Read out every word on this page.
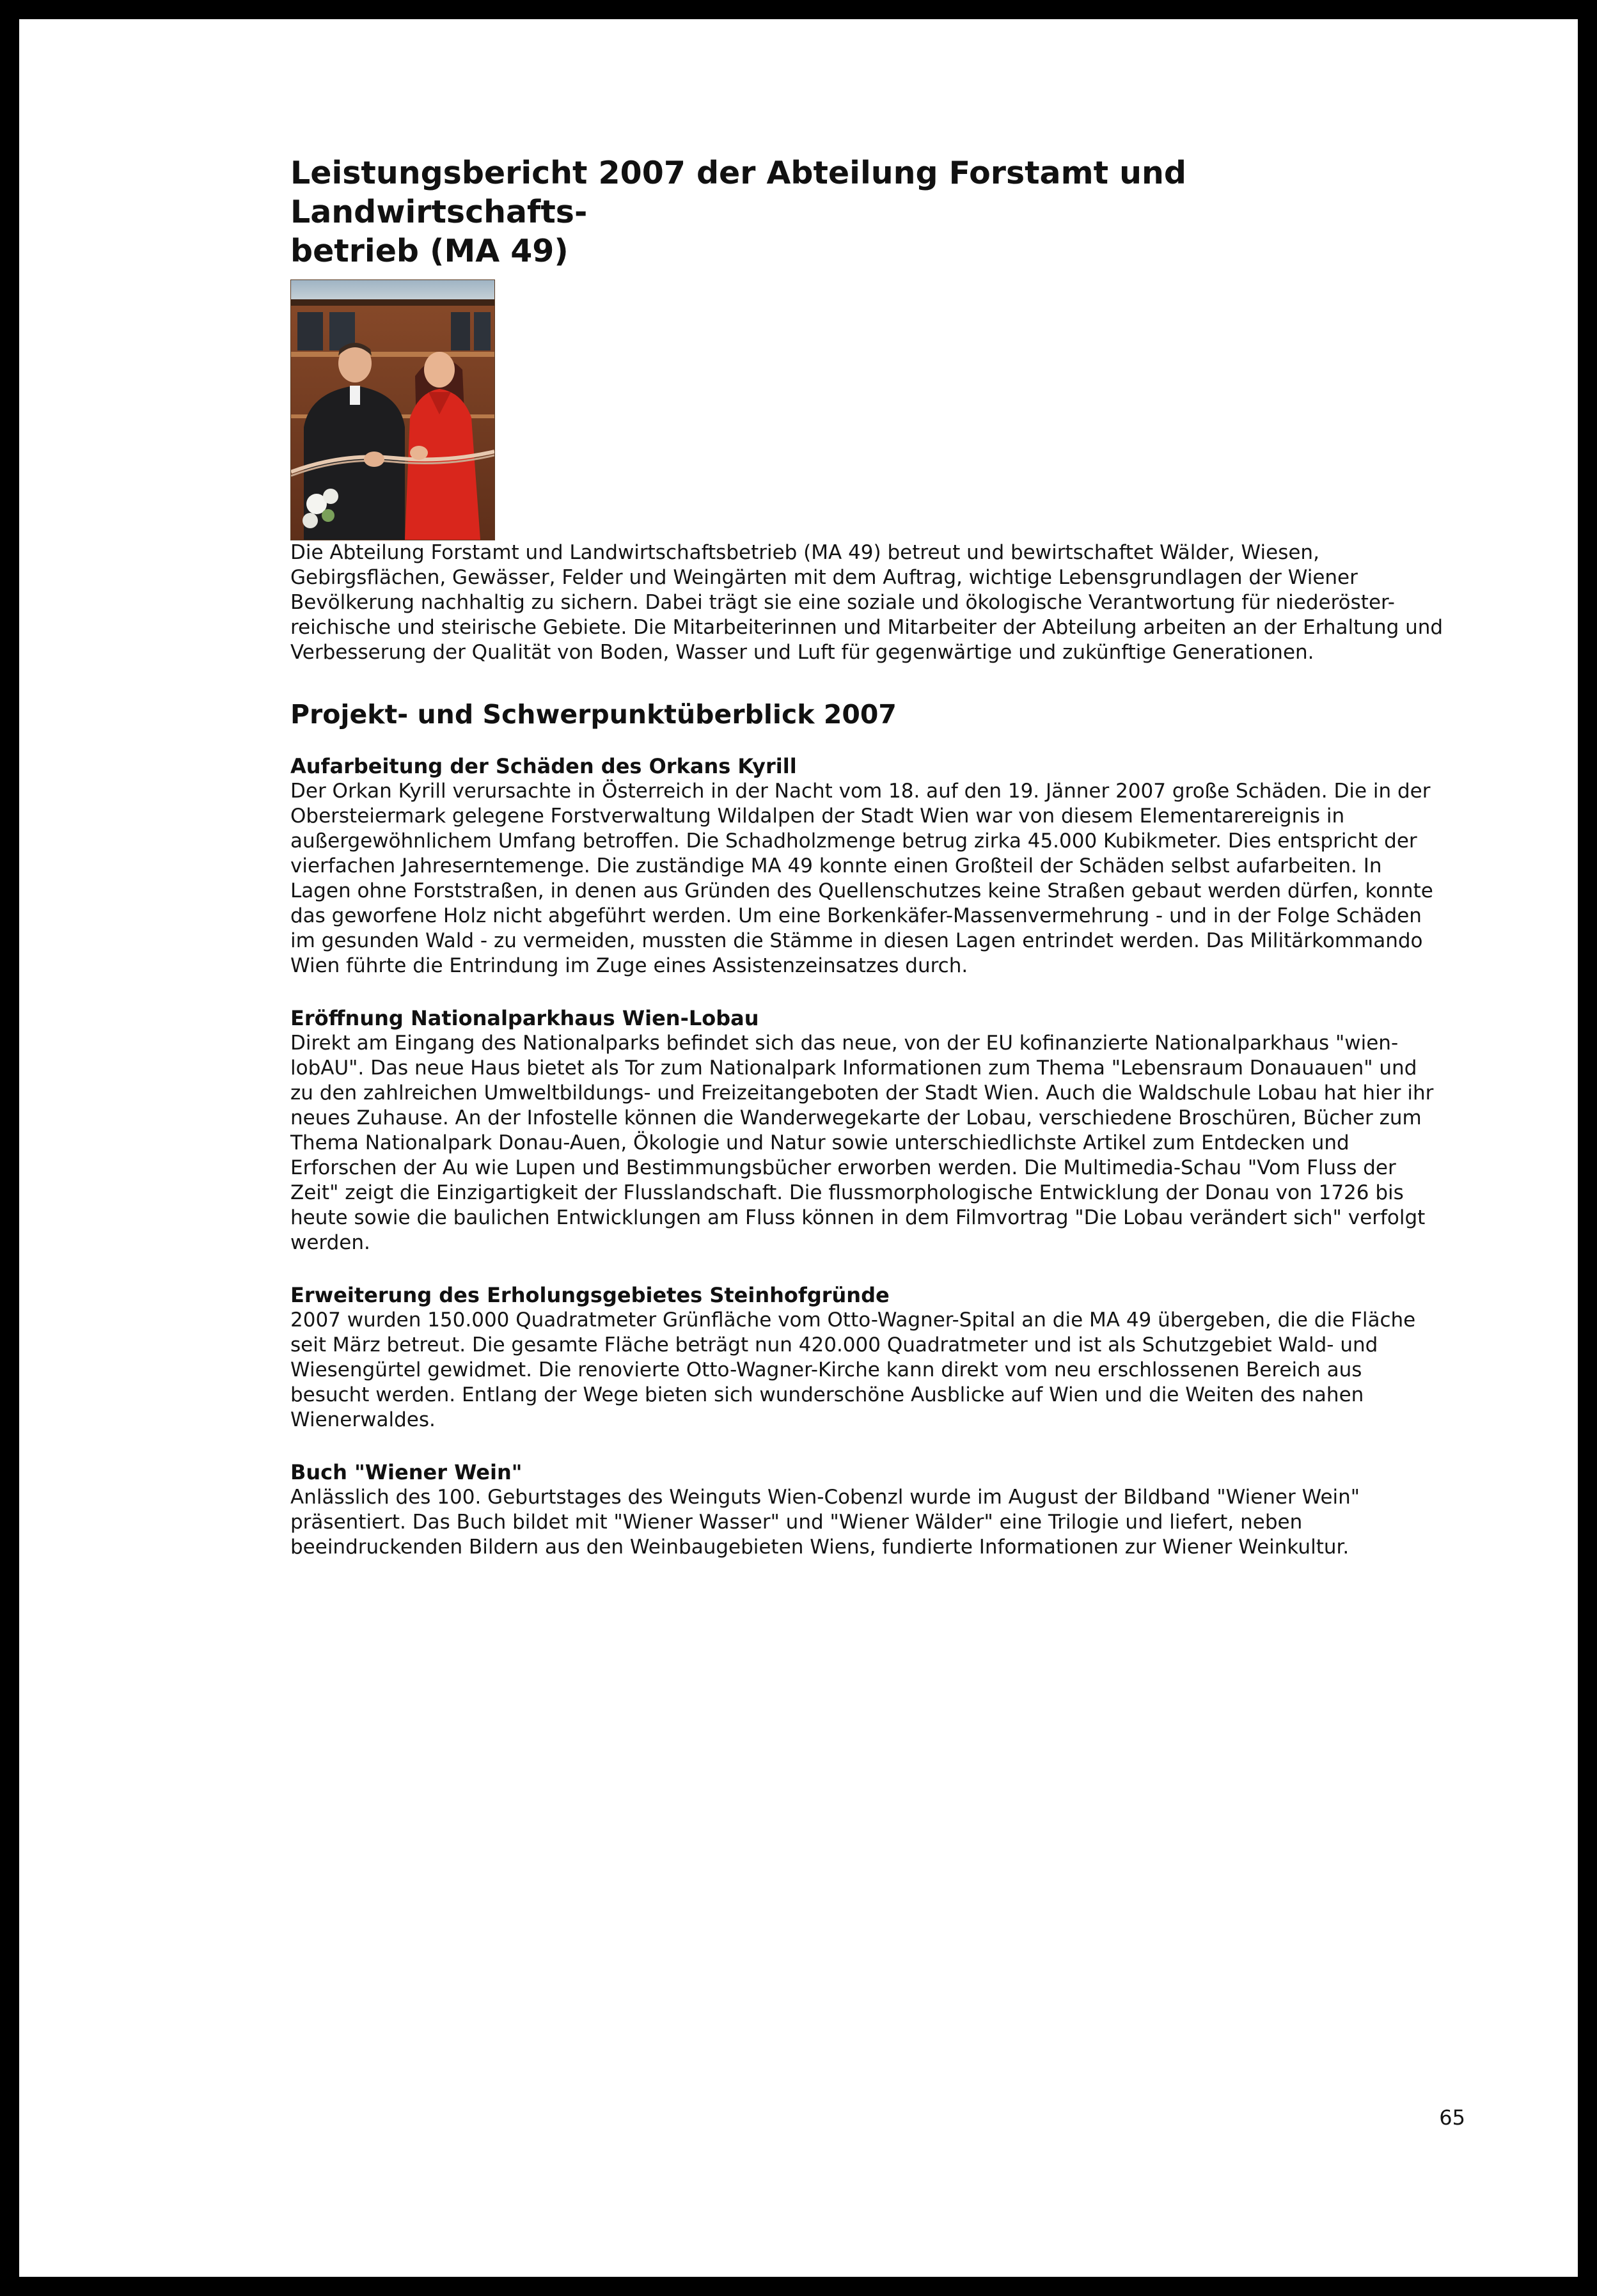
Leistungsbericht 2007 der Abteilung Forstamt und Landwirtschafts-
betrieb (MA 49)

Die Abteilung Forstamt und Landwirtschaftsbetrieb (MA 49) betreut und bewirtschaftet Wälder, Wiesen,
Gebirgsflächen, Gewässer, Felder und Weingärten mit dem Auftrag, wichtige Lebensgrundlagen der Wiener
Bevölkerung nachhaltig zu sichern. Dabei trägt sie eine soziale und ökologische Verantwortung für niederöster-
reichische und steirische Gebiete. Die Mitarbeiterinnen und Mitarbeiter der Abteilung arbeiten an der Erhaltung und
Verbesserung der Qualität von Boden, Wasser und Luft für gegenwärtige und zukünftige Generationen.

Projekt- und Schwerpunktüberblick 2007
Aufarbeitung der Schäden des Orkans Kyrill

Der Orkan Kyrill verursachte in Österreich in der Nacht vom 18. auf den 19. Jänner 2007 große Schäden. Die in der
Obersteiermark gelegene Forstverwaltung Wildalpen der Stadt Wien war von diesem Elementarereignis in
außergewöhnlichem Umfang betroffen. Die Schadholzmenge betrug zirka 45.000 Kubikmeter. Dies entspricht der
vierfachen Jahreserntemenge. Die zuständige MA 49 konnte einen Großteil der Schäden selbst aufarbeiten. In
Lagen ohne Forststraßen, in denen aus Gründen des Quellenschutzes keine Straßen gebaut werden dürfen, konnte
das geworfene Holz nicht abgeführt werden. Um eine Borkenkäfer-Massenvermehrung - und in der Folge Schäden
im gesunden Wald - zu vermeiden, mussten die Stämme in diesen Lagen entrindet werden. Das Militärkommando
Wien führte die Entrindung im Zuge eines Assistenzeinsatzes durch.

Eröffnung Nationalparkhaus Wien-Lobau

Direkt am Eingang des Nationalparks befindet sich das neue, von der EU kofinanzierte Nationalparkhaus "wien-
lobAU". Das neue Haus bietet als Tor zum Nationalpark Informationen zum Thema "Lebensraum Donauauen" und
zu den zahlreichen Umweltbildungs- und Freizeitangeboten der Stadt Wien. Auch die Waldschule Lobau hat hier ihr
neues Zuhause. An der Infostelle können die Wanderwegekarte der Lobau, verschiedene Broschüren, Bücher zum
Thema Nationalpark Donau-Auen, Ökologie und Natur sowie unterschiedlichste Artikel zum Entdecken und
Erforschen der Au wie Lupen und Bestimmungsbücher erworben werden. Die Multimedia-Schau "Vom Fluss der
Zeit" zeigt die Einzigartigkeit der Flusslandschaft. Die flussmorphologische Entwicklung der Donau von 1726 bis
heute sowie die baulichen Entwicklungen am Fluss können in dem Filmvortrag "Die Lobau verändert sich" verfolgt
werden.

Erweiterung des Erholungsgebietes Steinhofgründe

2007 wurden 150.000 Quadratmeter Grünfläche vom Otto-Wagner-Spital an die MA 49 übergeben, die die Fläche
seit März betreut. Die gesamte Fläche beträgt nun 420.000 Quadratmeter und ist als Schutzgebiet Wald- und
Wiesengürtel gewidmet. Die renovierte Otto-Wagner-Kirche kann direkt vom neu erschlossenen Bereich aus
besucht werden. Entlang der Wege bieten sich wunderschöne Ausblicke auf Wien und die Weiten des nahen
Wienerwaldes.

Buch "Wiener Wein"

Anlässlich des 100. Geburtstages des Weinguts Wien-Cobenzl wurde im August der Bildband "Wiener Wein"
präsentiert. Das Buch bildet mit "Wiener Wasser" und "Wiener Wälder" eine Trilogie und liefert, neben
beeindruckenden Bildern aus den Weinbaugebieten Wiens, fundierte Informationen zur Wiener Weinkultur.

65
